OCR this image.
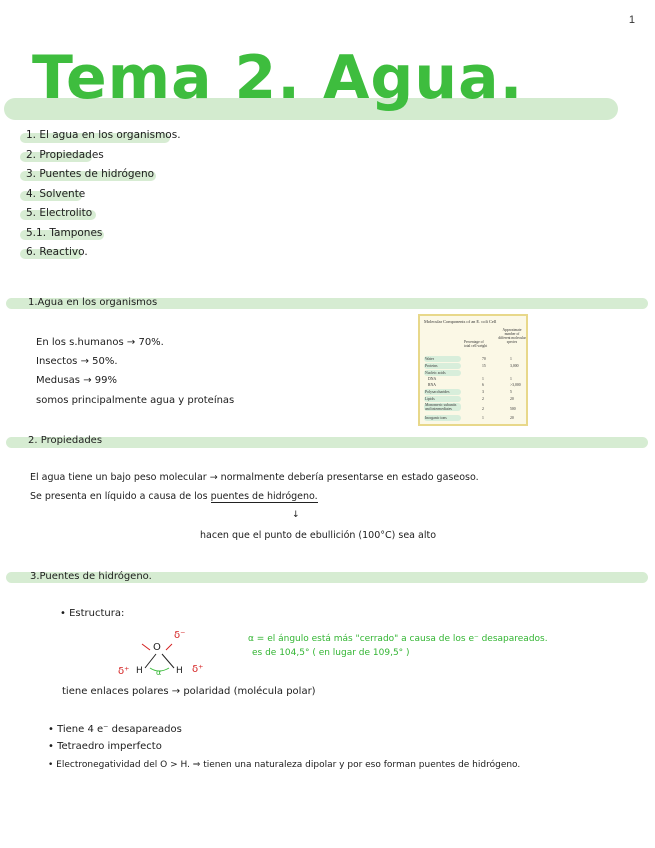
1
Tema 2. Agua.
1. El agua en los organismos.
2. Propiedades
3. Puentes de hidrógeno
4. Solvente
5. Electrolito
5.1. Tampones
6. Reactivo.
1.Agua en los organismos
En los s.humanos → 70%.
Insectos → 50%.
Medusas → 99%
somos principalmente agua y proteínas
Molecular Components of an E. coli Cell
Percentage of total cell weight
Approximate number of different molecular species
Water	70	1
Proteins	15	3,000
Nucleic acids
DNA	1	1
RNA	6	>3,000
Polysaccharides	3	5
Lipids	2	20
Monomeric subunits and intermediates	2	500
Inorganic ions	1	20
2. Propiedades
El agua tiene un bajo peso molecular → normalmente debería presentarse en estado gaseoso.
Se presenta en líquido a causa de los puentes de hidrógeno.
↓
hacen que el punto de ebullición (100°C) sea alto
3.Puentes de hidrógeno.
• Estructura:
α = el ángulo está más "cerrado" a causa de los e⁻ desapareados.
es de 104,5° ( en lugar de 109,5° )
O
H	H
α
δ⁻
δ⁺	δ⁺
tiene enlaces polares → polaridad (molécula polar)
• Tiene 4 e⁻ desapareados
• Tetraedro imperfecto
• Electronegatividad del O > H. ⇒ tienen una naturaleza dipolar y por eso forman puentes de hidrógeno.
